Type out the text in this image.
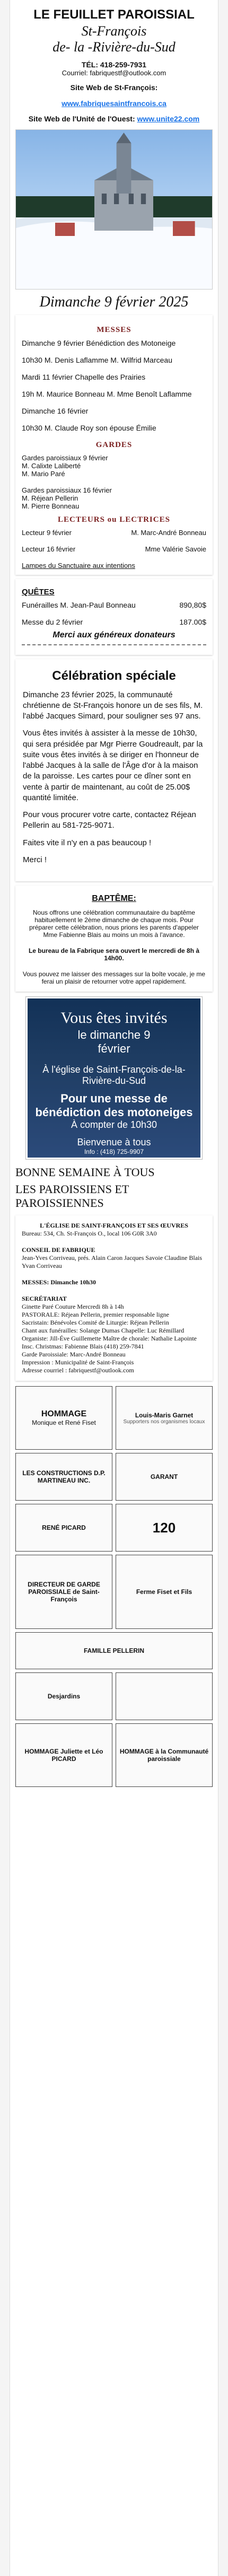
LE FEUILLET PAROISSIAL
St-François
de- la -Rivière-du-Sud
TÉL: 418-259-7931
Courriel: fabriquestf@outlook.com
Site Web de St-François:
www.fabriquesaintfrancois.ca
Site Web de l'Unité de l'Ouest: www.unite22.com
Dimanche 9 février 2025
MESSES

Dimanche 9 février Bénédiction des Motoneige

10h30 M. Denis Laflamme M. Wilfrid Marceau

Mardi 11 février Chapelle des Prairies

19h M. Maurice Bonneau M. Mme Benoît Laflamme

Dimanche 16 février

10h30 M. Claude Roy son épouse Émilie

GARDES
Gardes paroissiaux 9 février
M. Calixte Laliberté
M. Mario Paré
Gardes paroissiaux 16 février
M. Réjean Pellerin
M. Pierre Bonneau
LECTEURS ou LECTRICES
Lecteur 9 février	M. Marc-André Bonneau
Lecteur 16 février	Mme Valérie Savoie
Lampes du Sanctuaire aux intentions
QUÊTES
Funérailles M. Jean-Paul Bonneau	890,80$
Messe du 2 février	187.00$
Merci aux généreux donateurs
Célébration spéciale

Dimanche 23 février 2025, la communauté chrétienne de St-François honore un de ses fils, M. l'abbé Jacques Simard, pour souligner ses 97 ans.

Vous êtes invités à assister à la messe de 10h30, qui sera présidée par Mgr Pierre Goudreault, par la suite vous êtes invités à se diriger en l'honneur de l'abbé Jacques à la salle de l'Âge d'or à la maison de la paroisse. Les cartes pour ce dîner sont en vente à partir de maintenant, au coût de 25.00$ quantité limitée.

Pour vous procurer votre carte, contactez Réjean Pellerin au 581-725-9071.

Faites vite il n'y en a pas beaucoup !

Merci !

BAPTÊME:
Nous offrons une célébration communautaire du baptême habituellement le 2ème dimanche de chaque mois. Pour préparer cette célébration, nous prions les parents d'appeler Mme Fabienne Blais au moins un mois à l'avance.
Le bureau de la Fabrique sera ouvert le mercredi de 8h à 14h00.
Vous pouvez me laisser des messages sur la boîte vocale, je me ferai un plaisir de retourner votre appel rapidement.
Vous êtes invités
le dimanche 9
février
À l'église de Saint-François-de-la-Rivière-du-Sud
Pour une messe de bénédiction des motoneiges
À compter de 10h30
Bienvenue à tous
Info : (418) 725-9907
BONNE SEMAINE À TOUS
LES PAROISSIENS ET PAROISSIENNES
L'ÉGLISE DE SAINT-FRANÇOIS ET SES ŒUVRES
Bureau: 534, Ch. St-François O., local 106 G0R 3A0
CONSEIL DE FABRIQUE
Jean-Yves Corriveau, prés. Alain Caron Jacques Savoie Claudine Blais Yvan Corriveau
MESSES: Dimanche 10h30
SECRÉTARIAT
Ginette Paré Couture Mercredi 8h à 14h
PASTORALE: Réjean Pellerin, premier responsable ligne
Sacristain: Bénévoles Comité de Liturgie: Réjean Pellerin
Chant aux funérailles: Solange Dumas Chapelle: Luc Rémillard
Organiste: Jill-Éve Guillemette Maître de chorale: Nathalie Lapointe
Insc. Christmas: Fabienne Blais (418) 259-7841
Garde Paroissiale: Marc-André Bonneau
Impression : Municipalité de Saint-François
Adresse courriel : fabriquestf@outlook.com
HOMMAGE
Monique et René Fiset
Louis-Maris Garnet
Supporters nos organismes locaux
LES CONSTRUCTIONS D.P. MARTINEAU INC.	GARANT
RENÉ PICARD	120
DIRECTEUR DE GARDE PAROISSIALE de Saint-François
Ferme Fiset et Fils
FAMILLE PELLERIN
Desjardins
HOMMAGE Juliette et Léo PICARD
HOMMAGE à la Communauté paroissiale
